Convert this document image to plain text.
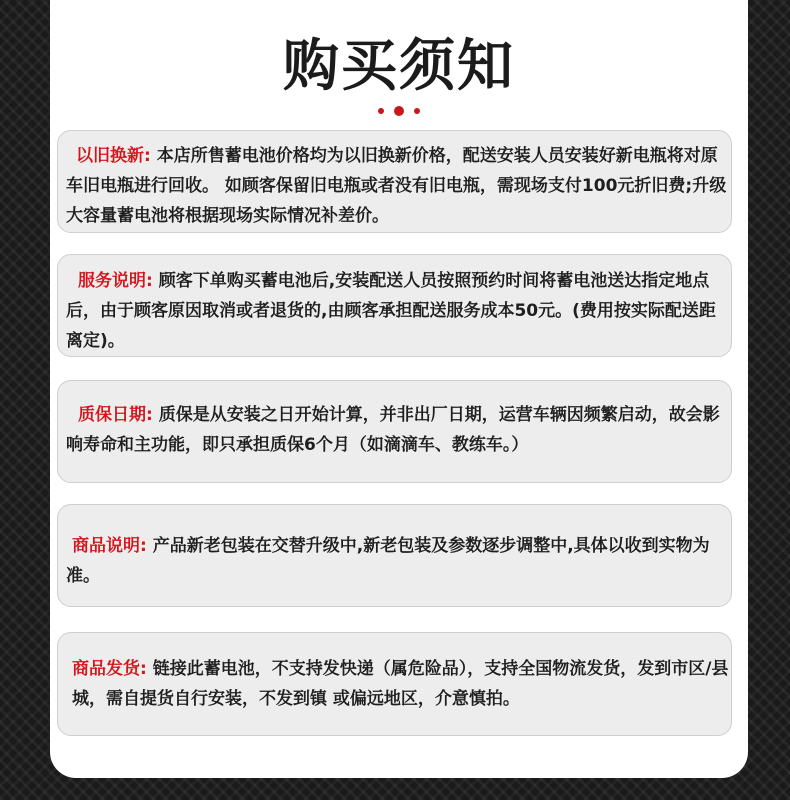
购买须知
以旧换新: 本店所售蓄电池价格均为以旧换新价格，配送安装人员安装好新电瓶将对原车旧电瓶进行回收。 如顾客保留旧电瓶或者没有旧电瓶，需现场支付100元折旧费;升级大容量蓄电池将根据现场实际情况补差价。
服务说明: 顾客下单购买蓄电池后,安装配送人员按照预约时间将蓄电池送达指定地点后，由于顾客原因取消或者退货的,由顾客承担配送服务成本50元。(费用按实际配送距离定)。
质保日期: 质保是从安装之日开始计算，并非出厂日期，运营车辆因频繁启动，故会影响寿命和主功能，即只承担质保6个月（如滴滴车、教练车。）
商品说明: 产品新老包装在交替升级中,新老包装及参数逐步调整中,具体以收到实物为准。
商品发货: 链接此蓄电池，不支持发快递（属危险品），支持全国物流发货，发到市区/县城，需自提货自行安装，不发到镇 或偏远地区，介意慎拍。
